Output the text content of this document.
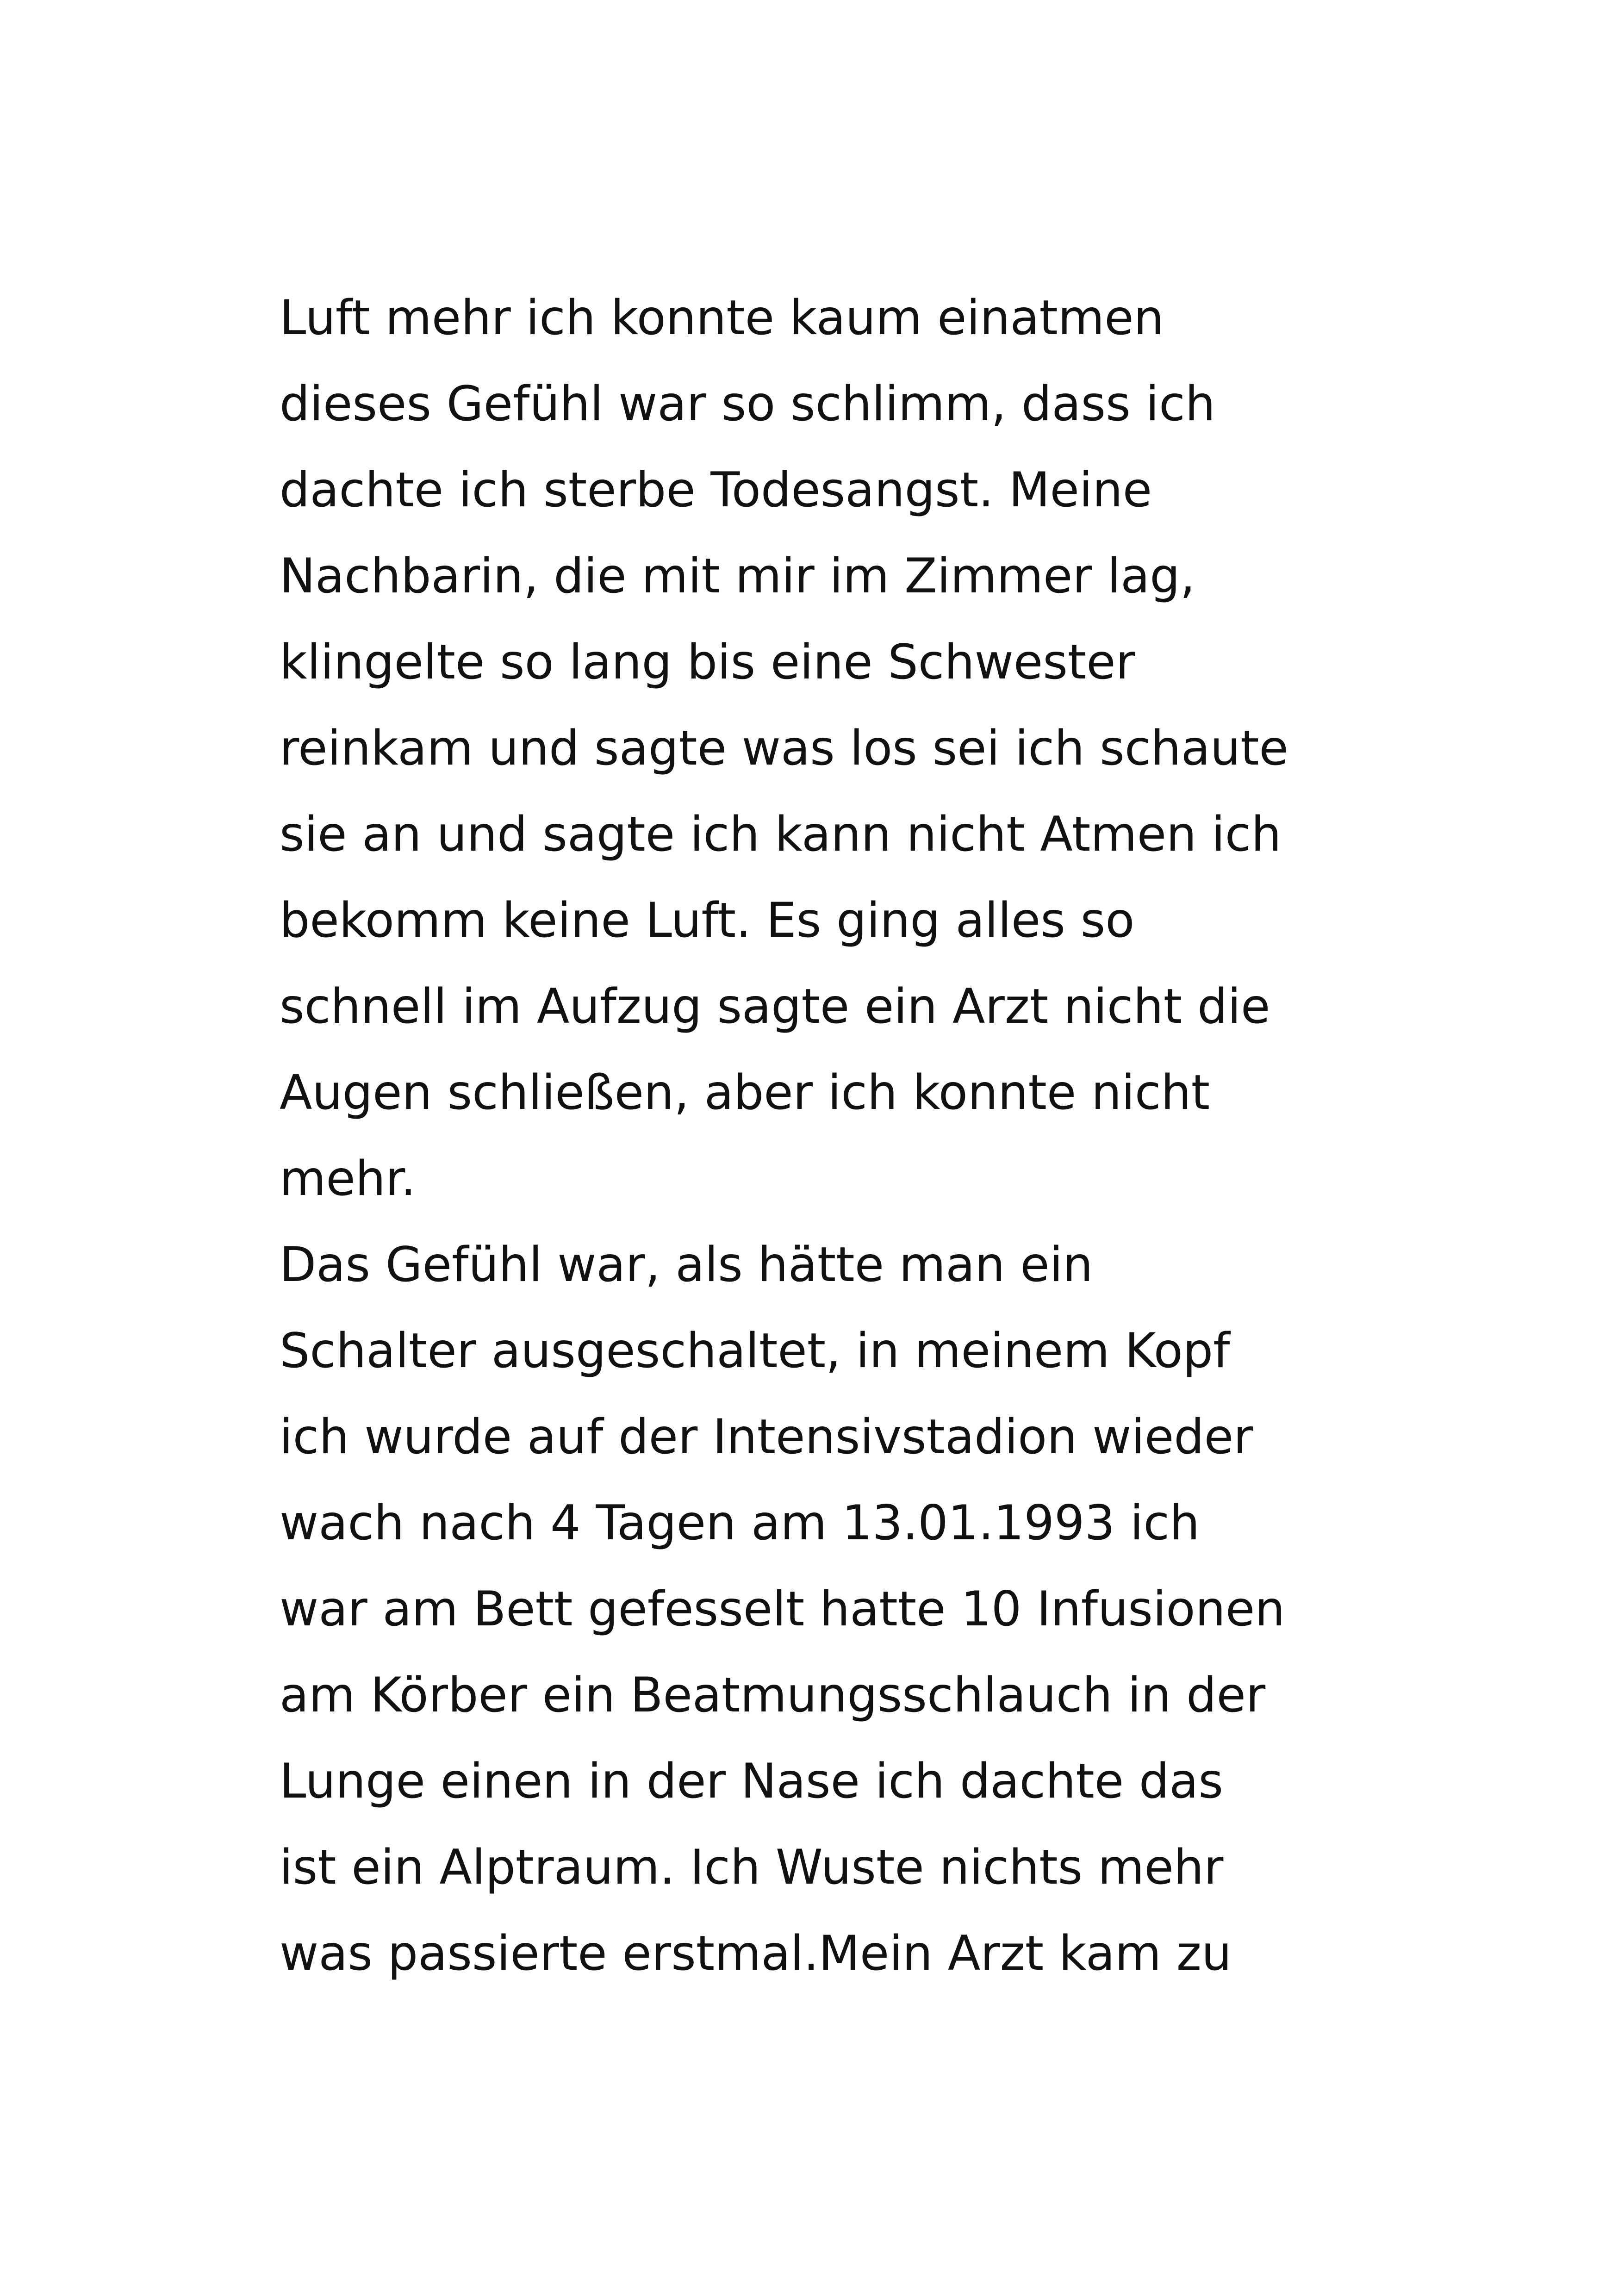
Luft mehr ich konnte kaum einatmen
dieses Gefühl war so schlimm, dass ich
dachte ich sterbe Todesangst. Meine
Nachbarin, die mit mir im Zimmer lag,
klingelte so lang bis eine Schwester
reinkam und sagte was los sei ich schaute
sie an und sagte ich kann nicht Atmen ich
bekomm keine Luft. Es ging alles so
schnell im Aufzug sagte ein Arzt nicht die
Augen schließen, aber ich konnte nicht
mehr.
Das Gefühl war, als hätte man ein
Schalter ausgeschaltet, in meinem Kopf
ich wurde auf der Intensivstadion wieder
wach nach 4 Tagen am 13.01.1993 ich
war am Bett gefesselt hatte 10 Infusionen
am Körber ein Beatmungsschlauch in der
Lunge einen in der Nase ich dachte das
ist ein Alptraum. Ich Wuste nichts mehr
was passierte erstmal.Mein Arzt kam zu
